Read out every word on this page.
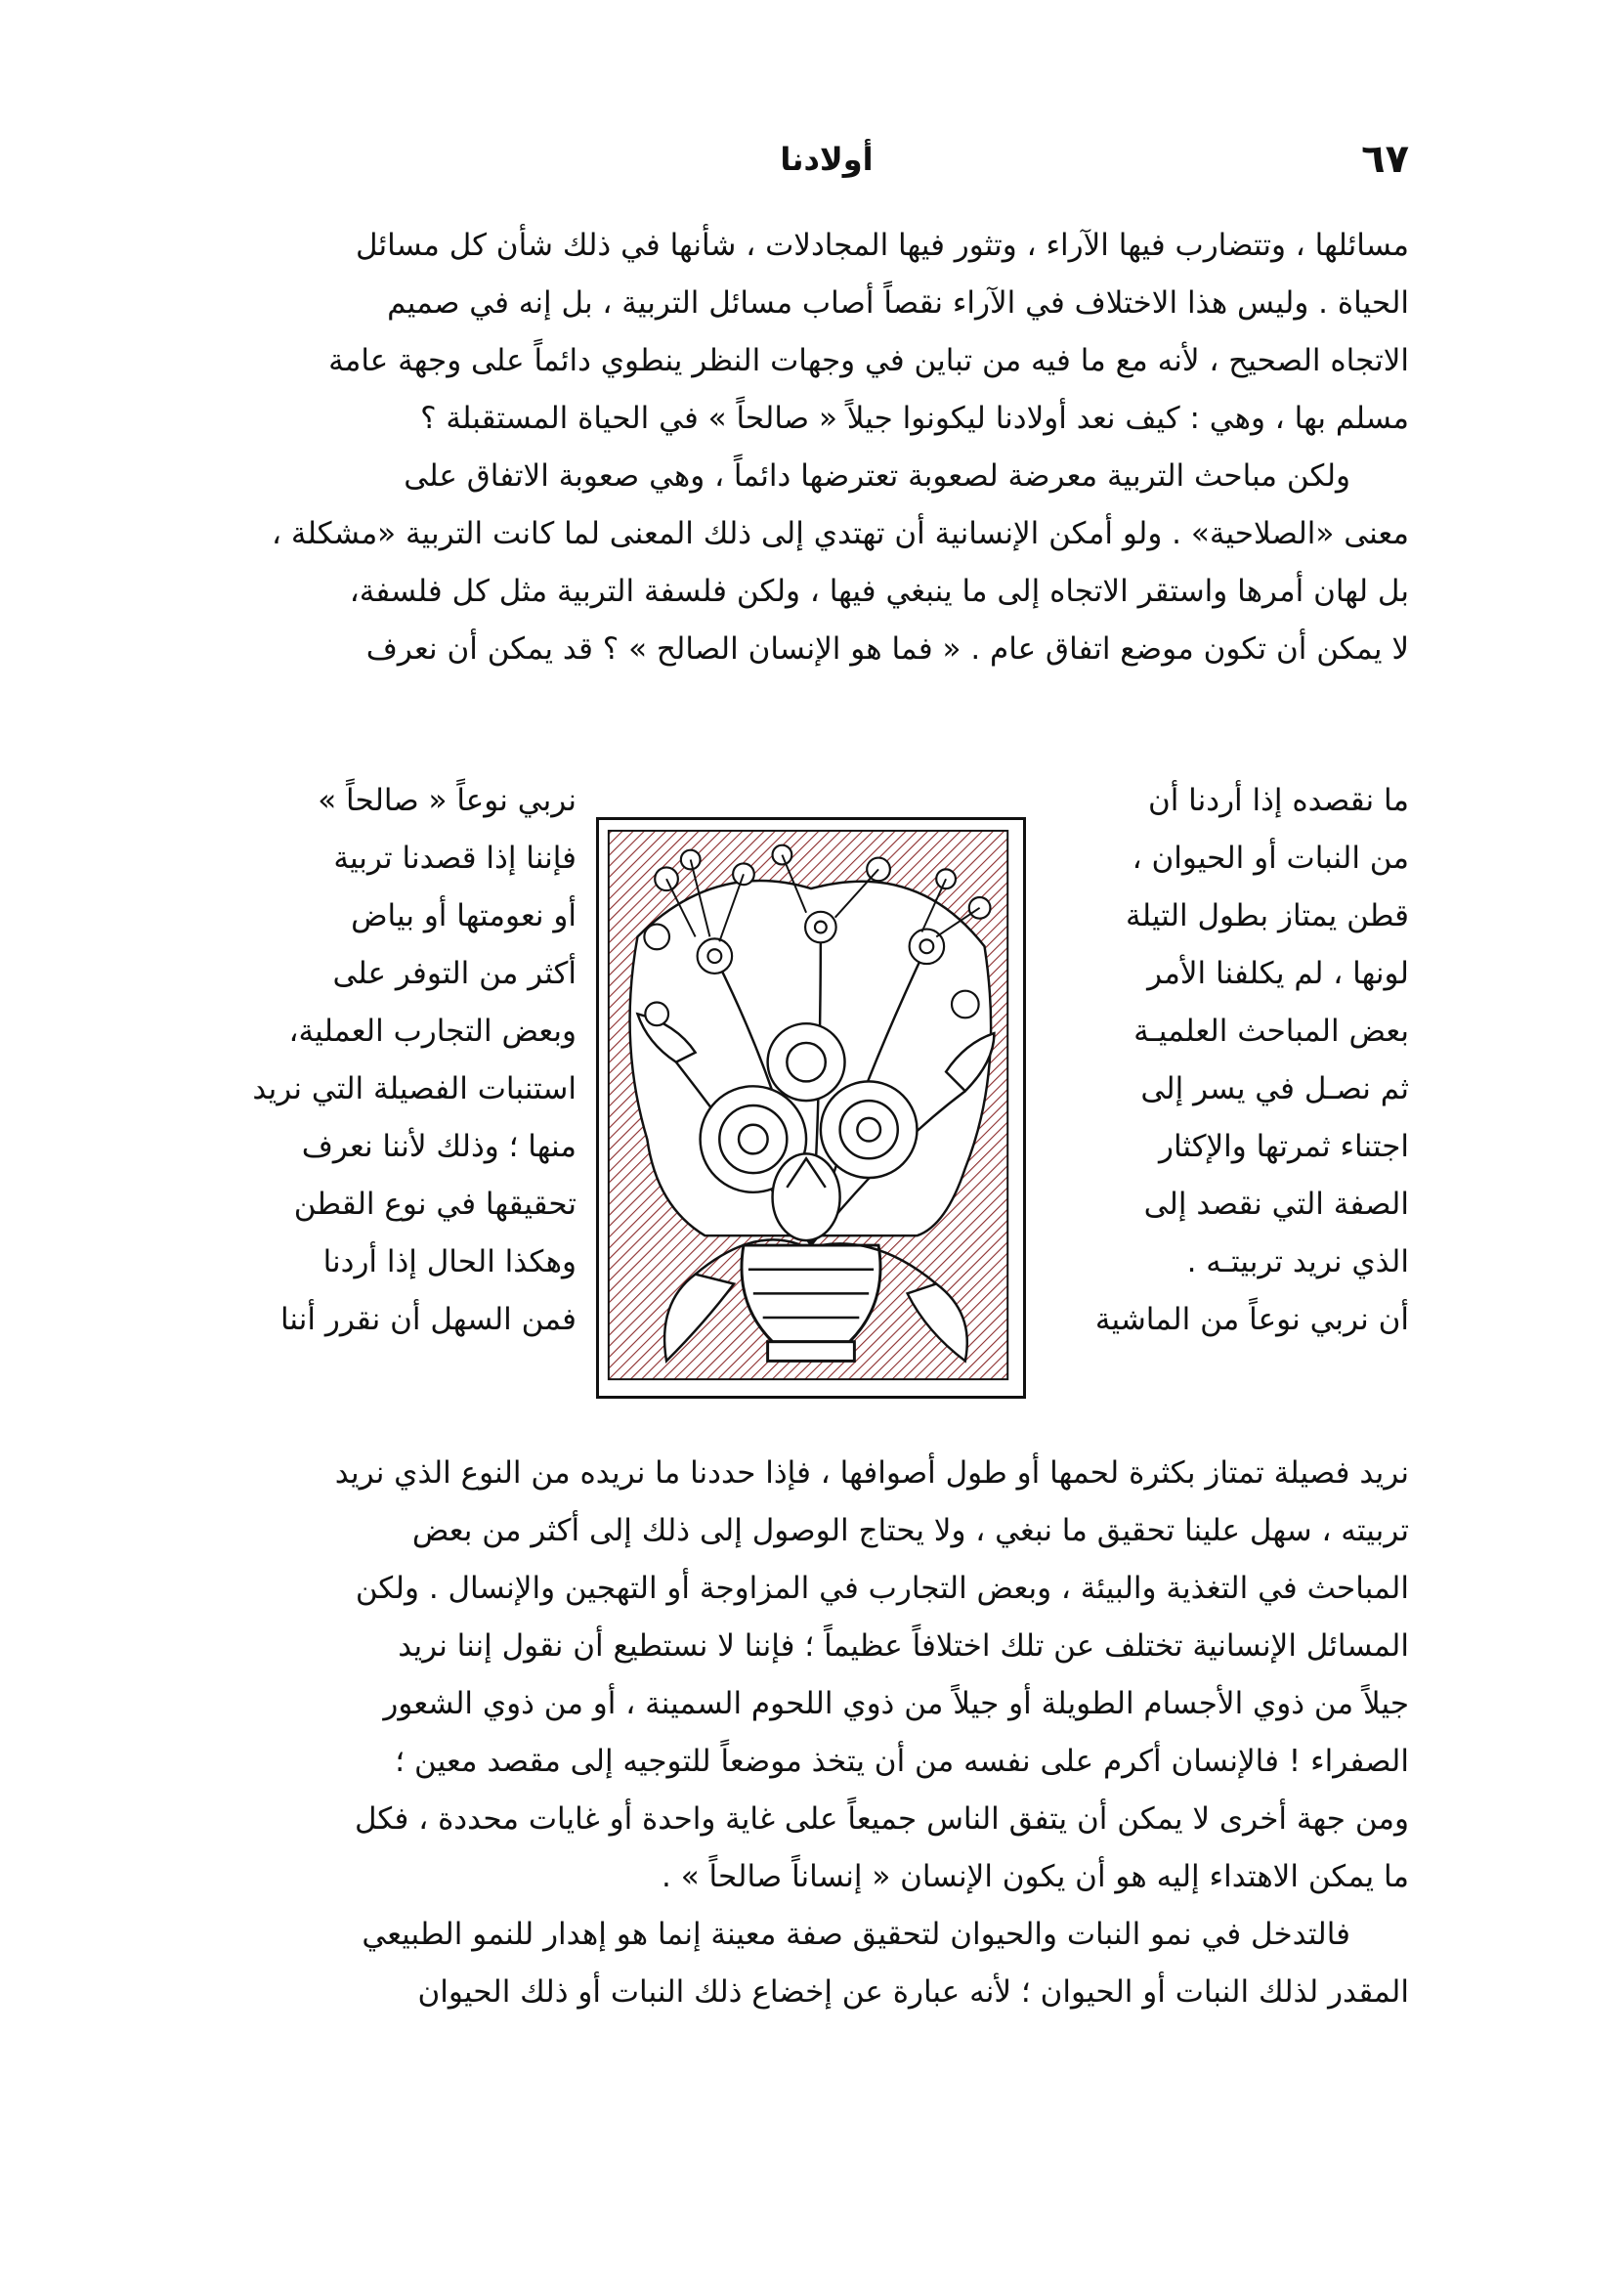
٦٧
أولادنا

مسائلها ، وتتضارب فيها الآراء ، وتثور فيها المجادلات ، شأنها في ذلك شأن كل مسائل
الحياة . وليس هذا الاختلاف في الآراء نقصاً أصاب مسائل التربية ، بل إنه في صميم
الاتجاه الصحيح ، لأنه مع ما فيه من تباين في وجهات النظر ينطوي دائماً على وجهة عامة
مسلم بها ، وهي : كيف نعد أولادنا ليكونوا جيلاً « صالحاً » في الحياة المستقبلة ؟

ولكن مباحث التربية معرضة لصعوبة تعترضها دائماً ، وهي صعوبة الاتفاق على
معنى «الصلاحية» . ولو أمكن الإنسانية أن تهتدي إلى ذلك المعنى لما كانت التربية «مشكلة ،
بل لهان أمرها واستقر الاتجاه إلى ما ينبغي فيها ، ولكن فلسفة التربية مثل كل فلسفة،
لا يمكن أن تكون موضع اتفاق عام . « فما هو الإنسان الصالح » ؟ قد يمكن أن نعرف

ما نقصده إذا أردنا أن
من النبات أو الحيوان ،
قطن يمتاز بطول التيلة
لونها ، لم يكلفنا الأمر
بعض المباحث العلميـة
ثم نصـل في يسر إلى
اجتناء ثمرتها والإكثار
الصفة التي نقصد إلى
الذي نريد تربيتـه .
أن نربي نوعاً من الماشية
نربي نوعاً « صالحاً »
فإننا إذا قصدنا تربية
أو نعومتها أو بياض
أكثر من التوفر على
وبعض التجارب العملية،
استنبات الفصيلة التي نريد
منها ؛ وذلك لأننا نعرف
تحقيقها في نوع القطن
وهكذا الحال إذا أردنا
فمن السهل أن نقرر أننا

نريد فصيلة تمتاز بكثرة لحمها أو طول أصوافها ، فإذا حددنا ما نريده من النوع الذي نريد
تربيته ، سهل علينا تحقيق ما نبغي ، ولا يحتاج الوصول إلى ذلك إلى أكثر من بعض
المباحث في التغذية والبيئة ، وبعض التجارب في المزاوجة أو التهجين والإنسال . ولكن
المسائل الإنسانية تختلف عن تلك اختلافاً عظيماً ؛ فإننا لا نستطيع أن نقول إننا نريد
جيلاً من ذوي الأجسام الطويلة أو جيلاً من ذوي اللحوم السمينة ، أو من ذوي الشعور
الصفراء ! فالإنسان أكرم على نفسه من أن يتخذ موضعاً للتوجيه إلى مقصد معين ؛
ومن جهة أخرى لا يمكن أن يتفق الناس جميعاً على غاية واحدة أو غايات محددة ، فكل
ما يمكن الاهتداء إليه هو أن يكون الإنسان « إنساناً صالحاً » .

فالتدخل في نمو النبات والحيوان لتحقيق صفة معينة إنما هو إهدار للنمو الطبيعي
المقدر لذلك النبات أو الحيوان ؛ لأنه عبارة عن إخضاع ذلك النبات أو ذلك الحيوان
